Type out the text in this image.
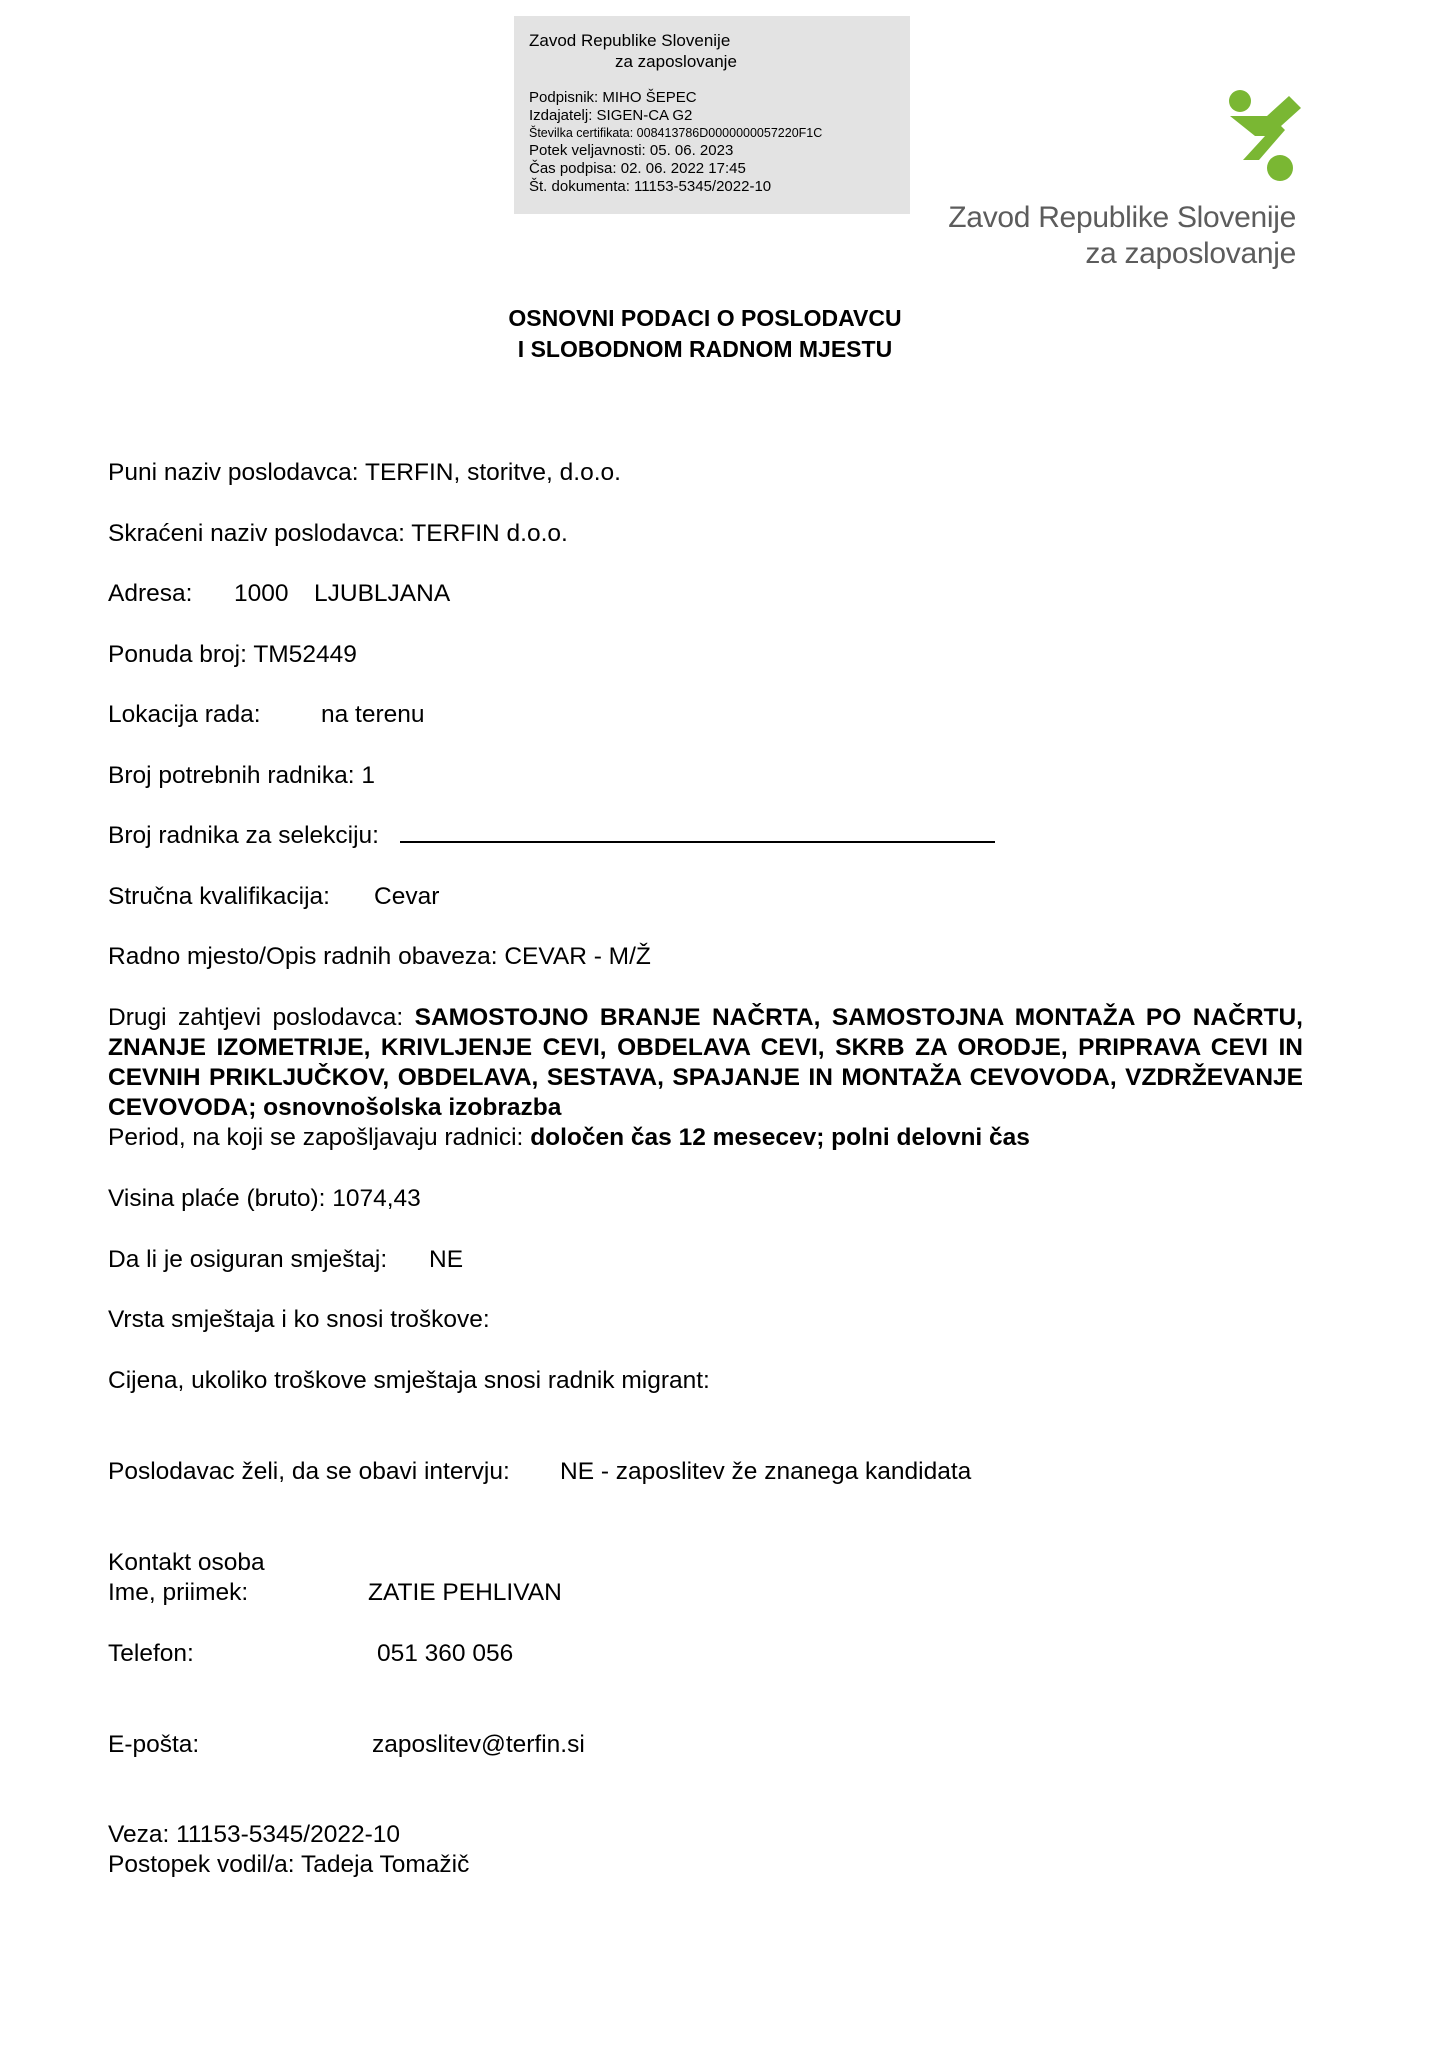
Zavod Republike Slovenije
za zaposlovanje
Podpisnik: MIHO ŠEPEC
Izdajatelj: SIGEN-CA G2
Številka certifikata: 008413786D0000000057220F1C
Potek veljavnosti: 05. 06. 2023
Čas podpisa: 02. 06. 2022 17:45
Št. dokumenta: 11153-5345/2022-10
Zavod Republike Slovenije
za zaposlovanje
OSNOVNI PODACI O POSLODAVCU
I SLOBODNOM RADNOM MJESTU
Puni naziv poslodavca: TERFIN, storitve, d.o.o.
Skraćeni naziv poslodavca: TERFIN d.o.o.
Adresa: 1000 LJUBLJANA
Ponuda broj: TM52449
Lokacija rada: na terenu
Broj potrebnih radnika: 1
Broj radnika za selekciju:
Stručna kvalifikacija: Cevar
Radno mjesto/Opis radnih obaveza: CEVAR - M/Ž
Drugi zahtjevi poslodavca: SAMOSTOJNO BRANJE NAČRTA, SAMOSTOJNA MONTAŽA PO NAČRTU, ZNANJE IZOMETRIJE, KRIVLJENJE CEVI, OBDELAVA CEVI, SKRB ZA ORODJE, PRIPRAVA CEVI IN CEVNIH PRIKLJUČKOV, OBDELAVA, SESTAVA, SPAJANJE IN MONTAŽA CEVOVODA, VZDRŽEVANJE CEVOVODA; osnovnošolska izobrazba
Period, na koji se zapošljavaju radnici: določen čas 12 mesecev; polni delovni čas
Visina plaće (bruto): 1074,43
Da li je osiguran smještaj: NE
Vrsta smještaja i ko snosi troškove:
Cijena, ukoliko troškove smještaja snosi radnik migrant:
Poslodavac želi, da se obavi intervju: NE - zaposlitev že znanega kandidata
Kontakt osoba
Ime, priimek:	ZATIE PEHLIVAN
Telefon:	051 360 056
E-pošta:	zaposlitev@terfin.si
Veza: 11153-5345/2022-10
Postopek vodil/a: Tadeja Tomažič
